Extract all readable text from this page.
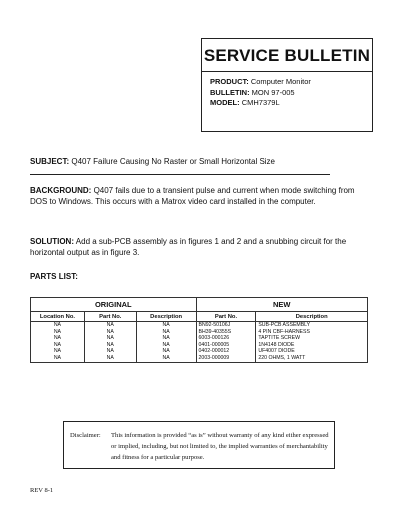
SERVICE BULLETIN
PRODUCT: Computer Monitor
BULLETIN: MON 97-005
MODEL: CMH7379L
SUBJECT: Q407 Failure Causing No Raster or Small Horizontal Size
BACKGROUND: Q407 fails due to a transient pulse and current when mode switching from DOS to Windows. This occurs with a Matrox video card installed in the computer.
SOLUTION: Add a sub-PCB assembly as in figures 1 and 2 and a snubbing circuit for the horizontal output as in figure 3.
PARTS LIST:
ORIGINAL			NEW	
Location No.	Part No.	Description	Part No.	Description
NA	NA	NA	BN92-50106J	SUB-PCB ASSEMBLY
NA	NA	NA	BH39-40355S	4 PIN CBF-HARNESS
NA	NA	NA	6003-000126	TAPTITE SCREW
NA	NA	NA	0401-000005	1N4148 DIODE
NA	NA	NA	0402-000012	UF4007 DIODE
NA	NA	NA	2003-000009	220 OHMS, 1 WATT
Disclaimer: This information is provided “as is” without warranty of any kind either expressed or implied, including, but not limited to, the implied warranties of merchantability and fitness for a particular purpose.
REV 8-1
